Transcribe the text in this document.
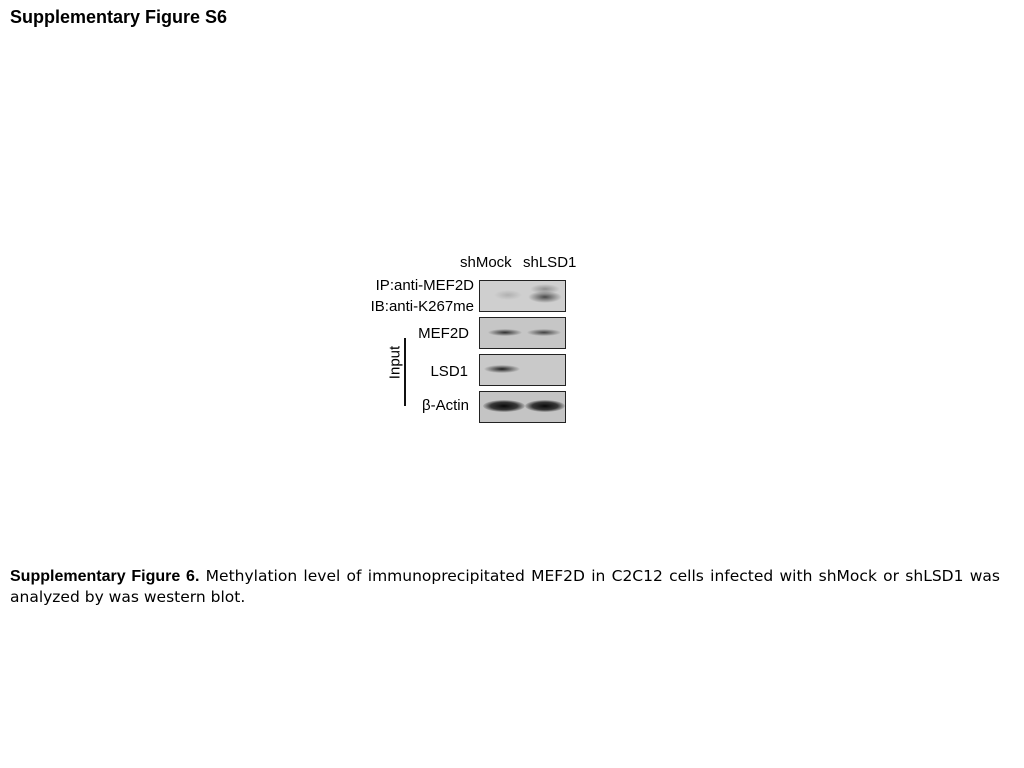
Supplementary Figure S6
shMock shLSD1
IP:anti-MEF2D
IB:anti-K267me
MEF2D
Input LSD1
β-Actin
Supplementary Figure 6. Methylation level of immunoprecipitated MEF2D in C2C12 cells infected with shMock or shLSD1 was analyzed by was western blot.
